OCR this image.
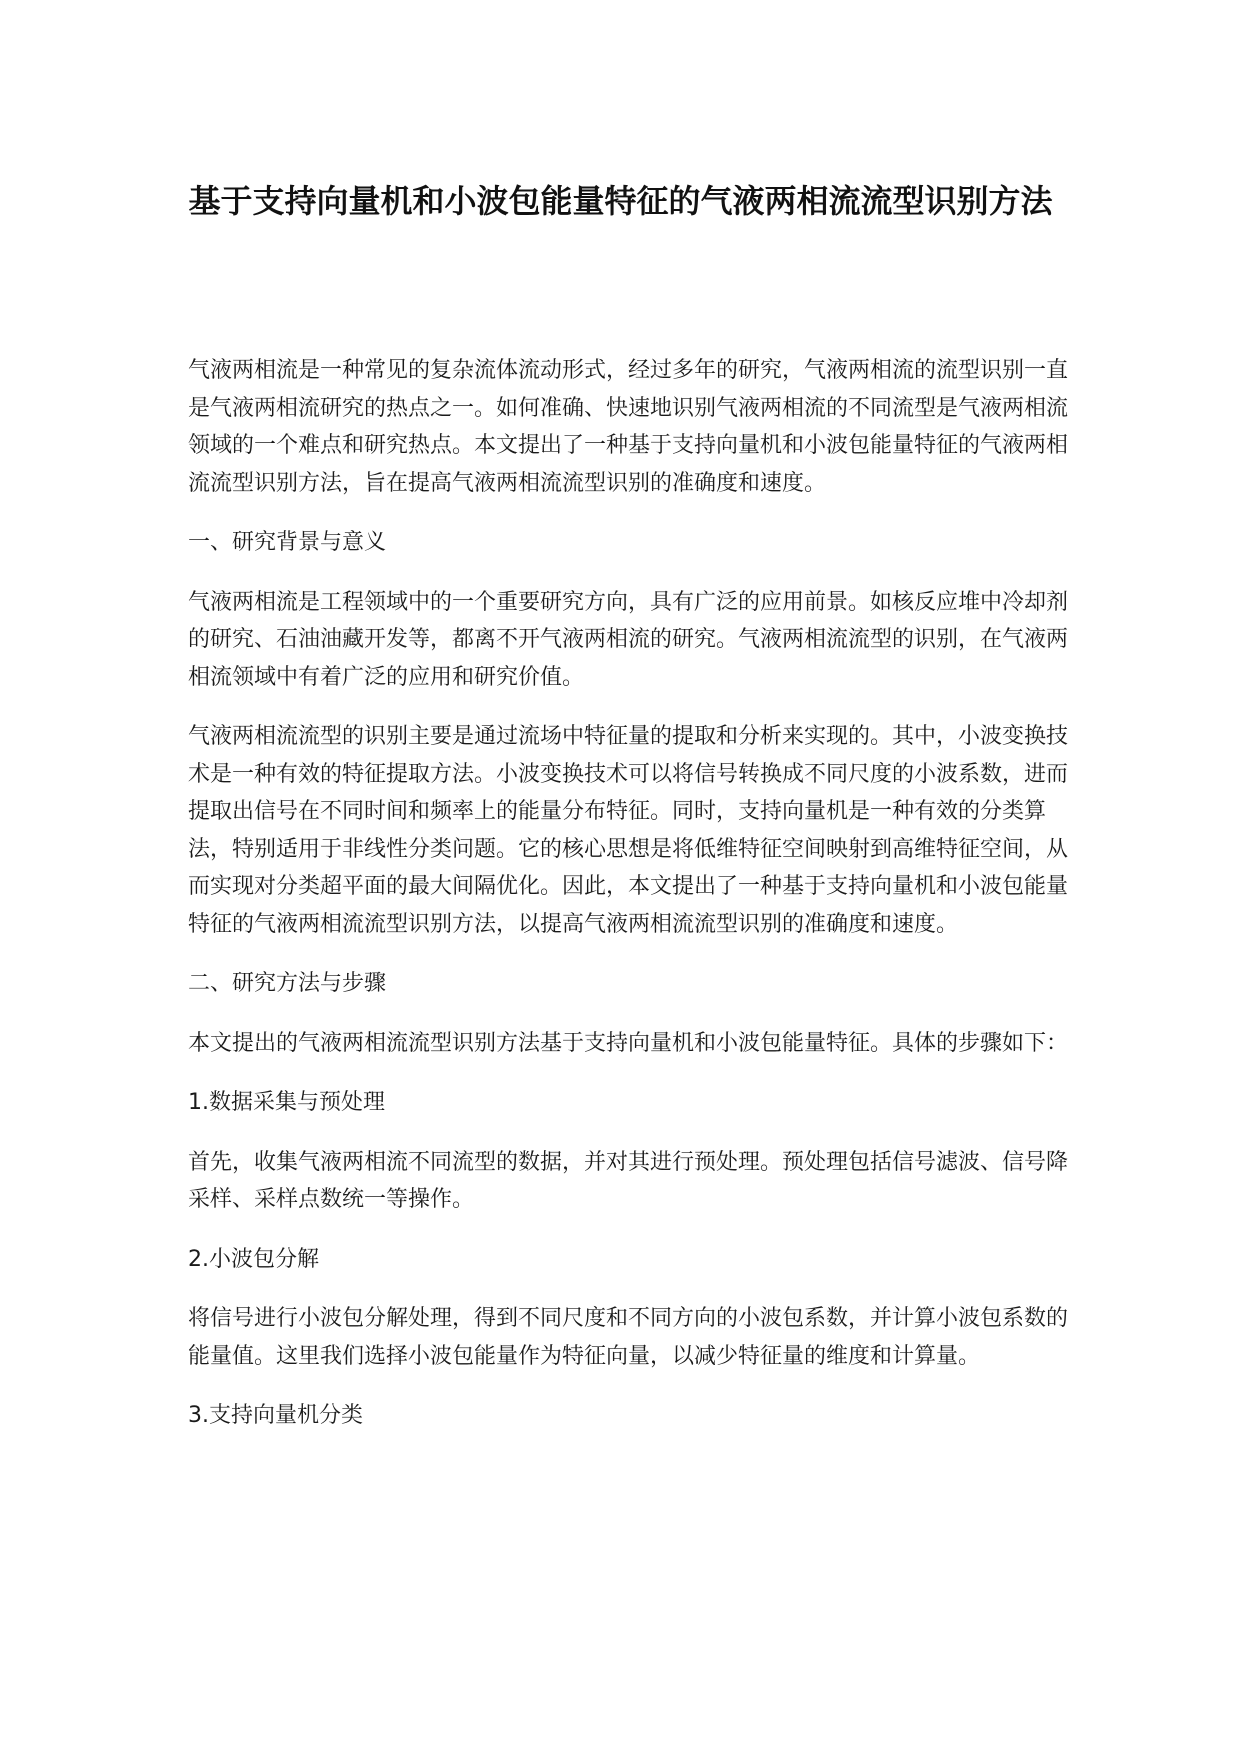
基于支持向量机和小波包能量特征的气液两相流流型识别方法

气液两相流是一种常见的复杂流体流动形式，经过多年的研究，气液两相流的流型识别一直是气液两相流研究的热点之一。如何准确、快速地识别气液两相流的不同流型是气液两相流领域的一个难点和研究热点。本文提出了一种基于支持向量机和小波包能量特征的气液两相流流型识别方法，旨在提高气液两相流流型识别的准确度和速度。

一、研究背景与意义

气液两相流是工程领域中的一个重要研究方向，具有广泛的应用前景。如核反应堆中冷却剂的研究、石油油藏开发等，都离不开气液两相流的研究。气液两相流流型的识别，在气液两相流领域中有着广泛的应用和研究价值。

气液两相流流型的识别主要是通过流场中特征量的提取和分析来实现的。其中，小波变换技术是一种有效的特征提取方法。小波变换技术可以将信号转换成不同尺度的小波系数，进而提取出信号在不同时间和频率上的能量分布特征。同时，支持向量机是一种有效的分类算法，特别适用于非线性分类问题。它的核心思想是将低维特征空间映射到高维特征空间，从而实现对分类超平面的最大间隔优化。因此，本文提出了一种基于支持向量机和小波包能量特征的气液两相流流型识别方法，以提高气液两相流流型识别的准确度和速度。

二、研究方法与步骤

本文提出的气液两相流流型识别方法基于支持向量机和小波包能量特征。具体的步骤如下：

1.数据采集与预处理

首先，收集气液两相流不同流型的数据，并对其进行预处理。预处理包括信号滤波、信号降采样、采样点数统一等操作。

2.小波包分解

将信号进行小波包分解处理，得到不同尺度和不同方向的小波包系数，并计算小波包系数的能量值。这里我们选择小波包能量作为特征向量，以减少特征量的维度和计算量。

3.支持向量机分类
